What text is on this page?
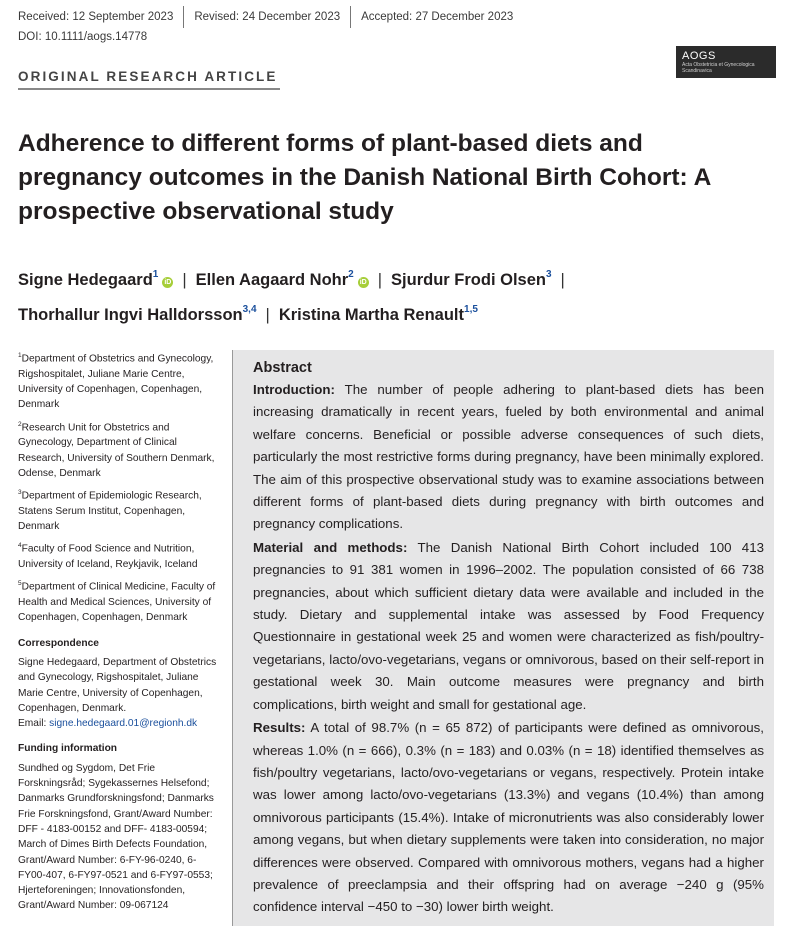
Received: 12 September 2023 Revised: 24 December 2023 Accepted: 27 December 2023
DOI: 10.1111/aogs.14778
ORIGINAL RESEARCH ARTICLE
AOGS
Acta Obstetricia et Gynecologica Scandinavica
Adherence to different forms of plant-based diets and pregnancy outcomes in the Danish National Birth Cohort: A prospective observational study
Signe Hedegaard$^1$iD | Ellen Aagaard Nohr$^2$iD | Sjurdur Frodi Olsen$^3$ |
Thorhallur Ingvi Halldorsson$^{3,4}$ | Kristina Martha Renault$^{1,5}$

$^1$Department of Obstetrics and Gynecology, Rigshospitalet, Juliane Marie Centre, University of Copenhagen, Copenhagen, Denmark

$^2$Research Unit for Obstetrics and Gynecology, Department of Clinical Research, University of Southern Denmark, Odense, Denmark

$^3$Department of Epidemiologic Research, Statens Serum Institut, Copenhagen, Denmark

$^4$Faculty of Food Science and Nutrition, University of Iceland, Reykjavik, Iceland

$^5$Department of Clinical Medicine, Faculty of Health and Medical Sciences, University of Copenhagen, Copenhagen, Denmark

Correspondence

Signe Hedegaard, Department of Obstetrics and Gynecology, Rigshospitalet, Juliane Marie Centre, University of Copenhagen, Copenhagen, Denmark.
Email: signe.hedegaard.01@regionh.dk

Funding information

Sundhed og Sygdom, Det Frie Forskningsråd; Sygekassernes Helsefond; Danmarks Grundforskningsfond; Danmarks Frie Forskningsfond, Grant/Award Number: DFF - 4183-00152 and DFF- 4183-00594; March of Dimes Birth Defects Foundation, Grant/Award Number: 6-FY-96-0240, 6-FY00-407, 6-FY97-0521 and 6-FY97-0553; Hjerteforeningen; Innovationsfonden, Grant/Award Number: 09-067124

Abstract

Introduction: The number of people adhering to plant-based diets has been increasing dramatically in recent years, fueled by both environmental and animal welfare concerns. Beneficial or possible adverse consequences of such diets, particularly the most restrictive forms during pregnancy, have been minimally explored. The aim of this prospective observational study was to examine associations between different forms of plant-based diets during pregnancy with birth outcomes and pregnancy complications.

Material and methods: The Danish National Birth Cohort included 100 413 pregnancies to 91 381 women in 1996–2002. The population consisted of 66 738 pregnancies, about which sufficient dietary data were available and included in the study. Dietary and supplemental intake was assessed by Food Frequency Questionnaire in gestational week 25 and women were characterized as fish/poultry-vegetarians, lacto/ovo-vegetarians, vegans or omnivorous, based on their self-report in gestational week 30. Main outcome measures were pregnancy and birth complications, birth weight and small for gestational age.

Results: A total of 98.7% (n = 65 872) of participants were defined as omnivorous, whereas 1.0% (n = 666), 0.3% (n = 183) and 0.03% (n = 18) identified themselves as fish/poultry vegetarians, lacto/ovo-vegetarians or vegans, respectively. Protein intake was lower among lacto/ovo-vegetarians (13.3%) and vegans (10.4%) than among omnivorous participants (15.4%). Intake of micronutrients was also considerably lower among vegans, but when dietary supplements were taken into consideration, no major differences were observed. Compared with omnivorous mothers, vegans had a higher prevalence of preeclampsia and their offspring had on average −240 g (95% confidence interval −450 to −30) lower birth weight.
